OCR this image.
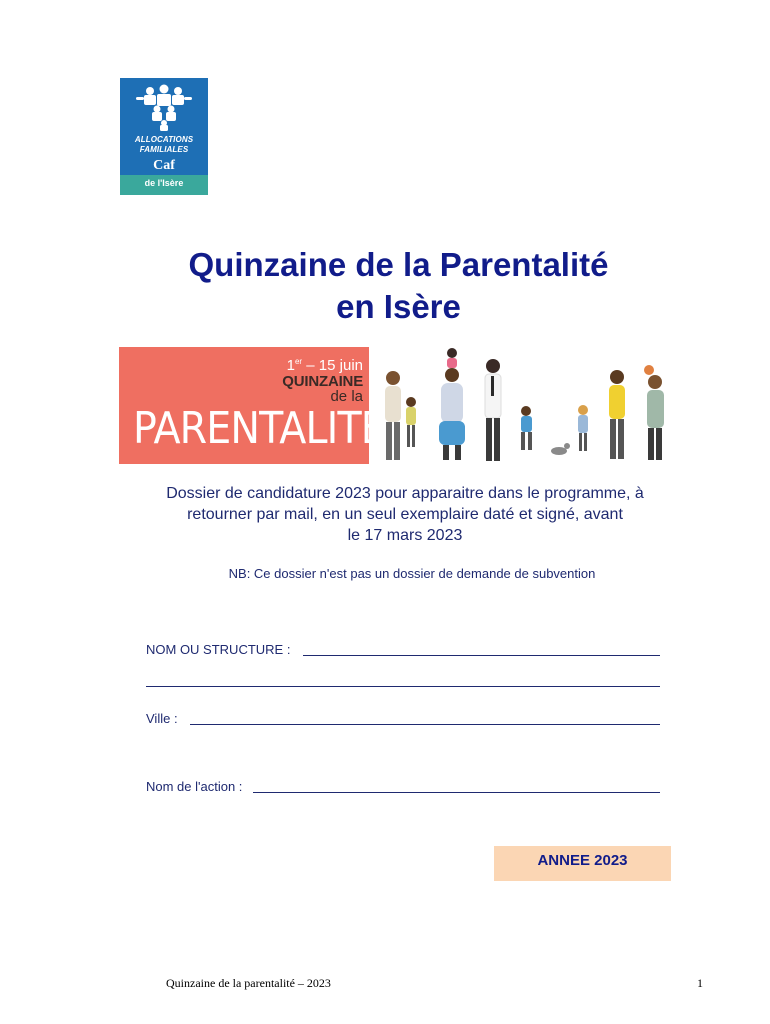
ALLOCATIONS
FAMILIALES
Caf
de l'Isère
Quinzaine de la Parentalité
en Isère
1er – 15 juin
QUINZAINE
de la
PARENTALITÉ
Dossier de candidature 2023 pour apparaitre dans le programme, à
retourner par mail, en un seul exemplaire daté et signé, avant
le 17 mars 2023
NB: Ce dossier n'est pas un dossier de demande de subvention
NOM OU STRUCTURE :
Ville :
Nom de l'action :
ANNEE 2023
Quinzaine de la parentalité – 2023	1
